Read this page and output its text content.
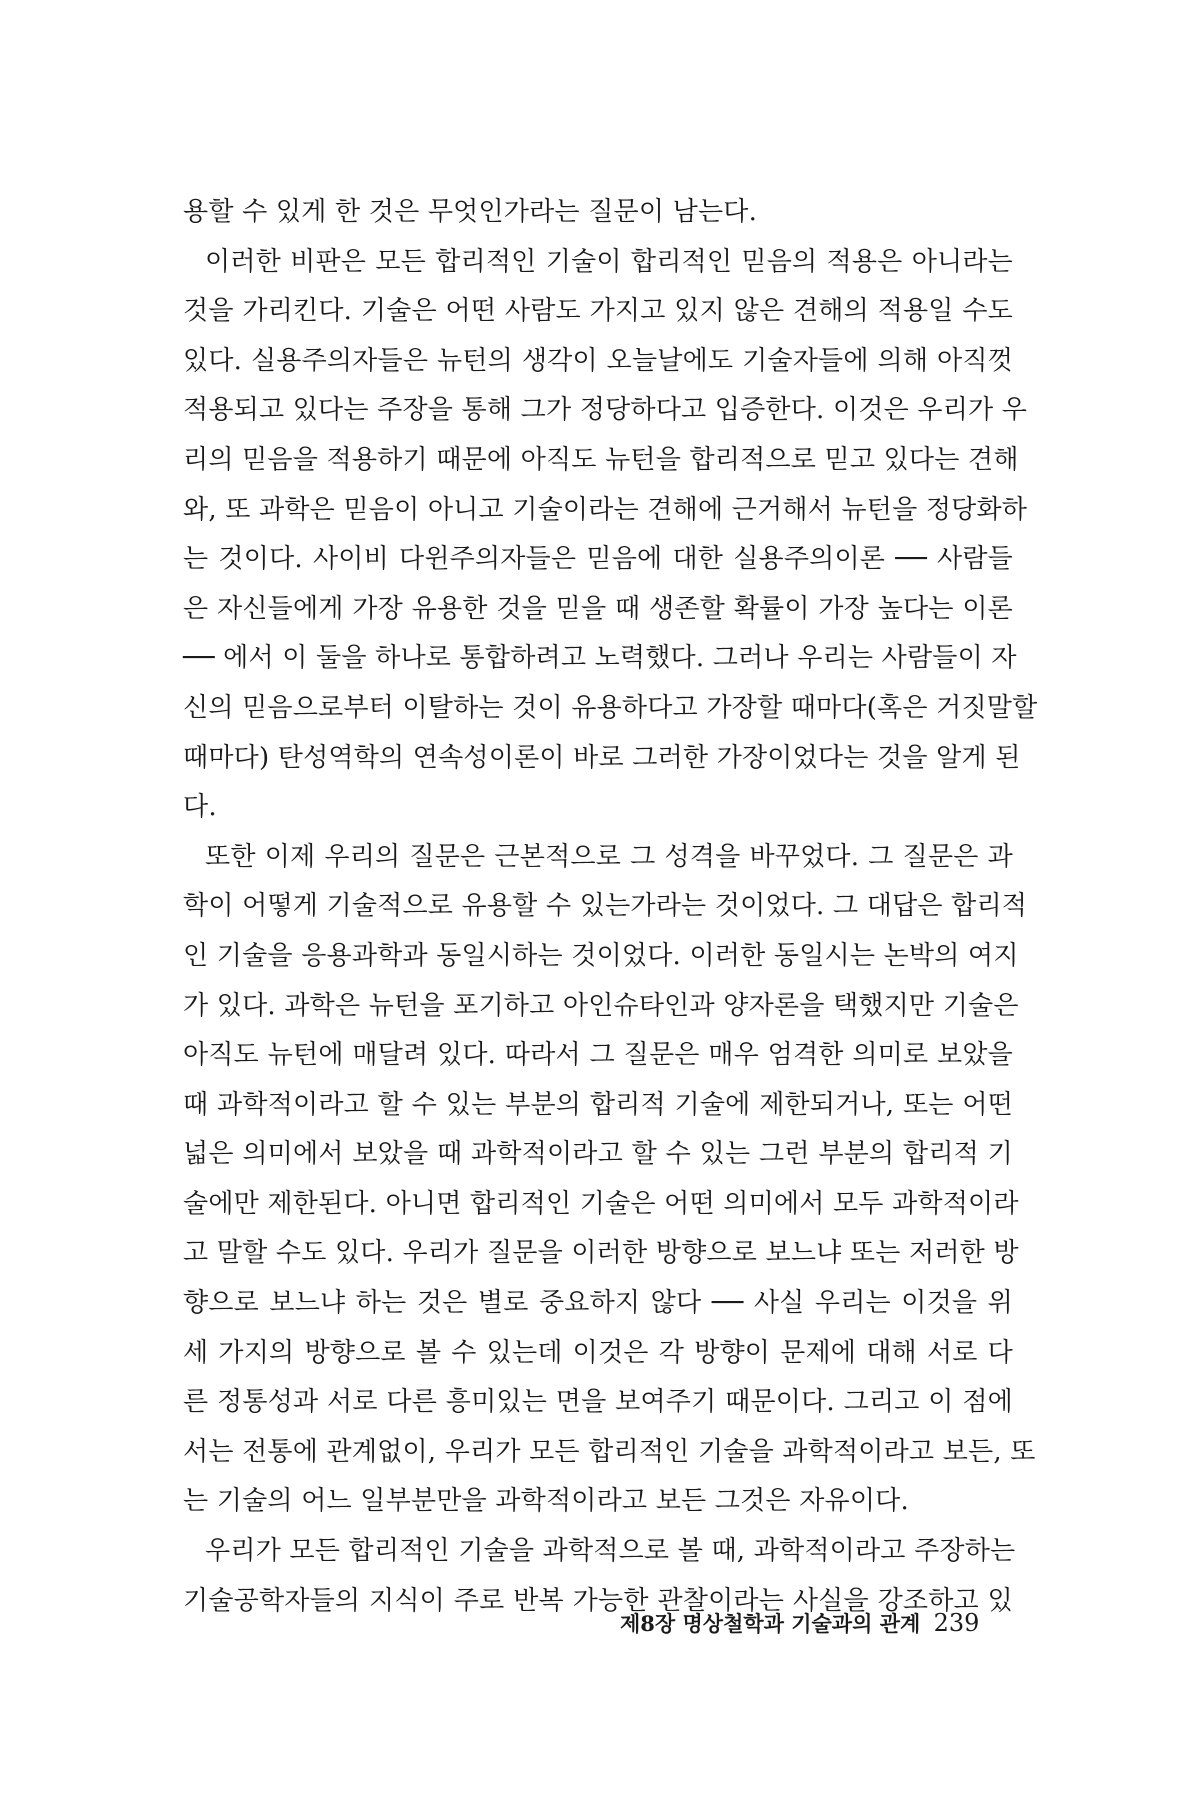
용할 수 있게 한 것은 무엇인가라는 질문이 남는다.
이러한 비판은 모든 합리적인 기술이 합리적인 믿음의 적용은 아니라는
것을 가리킨다. 기술은 어떤 사람도 가지고 있지 않은 견해의 적용일 수도
있다. 실용주의자들은 뉴턴의 생각이 오늘날에도 기술자들에 의해 아직껏
적용되고 있다는 주장을 통해 그가 정당하다고 입증한다. 이것은 우리가 우
리의 믿음을 적용하기 때문에 아직도 뉴턴을 합리적으로 믿고 있다는 견해
와, 또 과학은 믿음이 아니고 기술이라는 견해에 근거해서 뉴턴을 정당화하
는 것이다. 사이비 다윈주의자들은 믿음에 대한 실용주의이론 ── 사람들
은 자신들에게 가장 유용한 것을 믿을 때 생존할 확률이 가장 높다는 이론
── 에서 이 둘을 하나로 통합하려고 노력했다. 그러나 우리는 사람들이 자
신의 믿음으로부터 이탈하는 것이 유용하다고 가장할 때마다(혹은 거짓말할
때마다) 탄성역학의 연속성이론이 바로 그러한 가장이었다는 것을 알게 된
다.
또한 이제 우리의 질문은 근본적으로 그 성격을 바꾸었다. 그 질문은 과
학이 어떻게 기술적으로 유용할 수 있는가라는 것이었다. 그 대답은 합리적
인 기술을 응용과학과 동일시하는 것이었다. 이러한 동일시는 논박의 여지
가 있다. 과학은 뉴턴을 포기하고 아인슈타인과 양자론을 택했지만 기술은
아직도 뉴턴에 매달려 있다. 따라서 그 질문은 매우 엄격한 의미로 보았을
때 과학적이라고 할 수 있는 부분의 합리적 기술에 제한되거나, 또는 어떤
넓은 의미에서 보았을 때 과학적이라고 할 수 있는 그런 부분의 합리적 기
술에만 제한된다. 아니면 합리적인 기술은 어떤 의미에서 모두 과학적이라
고 말할 수도 있다. 우리가 질문을 이러한 방향으로 보느냐 또는 저러한 방
향으로 보느냐 하는 것은 별로 중요하지 않다 ── 사실 우리는 이것을 위
세 가지의 방향으로 볼 수 있는데 이것은 각 방향이 문제에 대해 서로 다
른 정통성과 서로 다른 흥미있는 면을 보여주기 때문이다. 그리고 이 점에
서는 전통에 관계없이, 우리가 모든 합리적인 기술을 과학적이라고 보든, 또
는 기술의 어느 일부분만을 과학적이라고 보든 그것은 자유이다.
우리가 모든 합리적인 기술을 과학적으로 볼 때, 과학적이라고 주장하는
기술공학자들의 지식이 주로 반복 가능한 관찰이라는 사실을 강조하고 있
제8장 명상철학과 기술과의 관계 239
